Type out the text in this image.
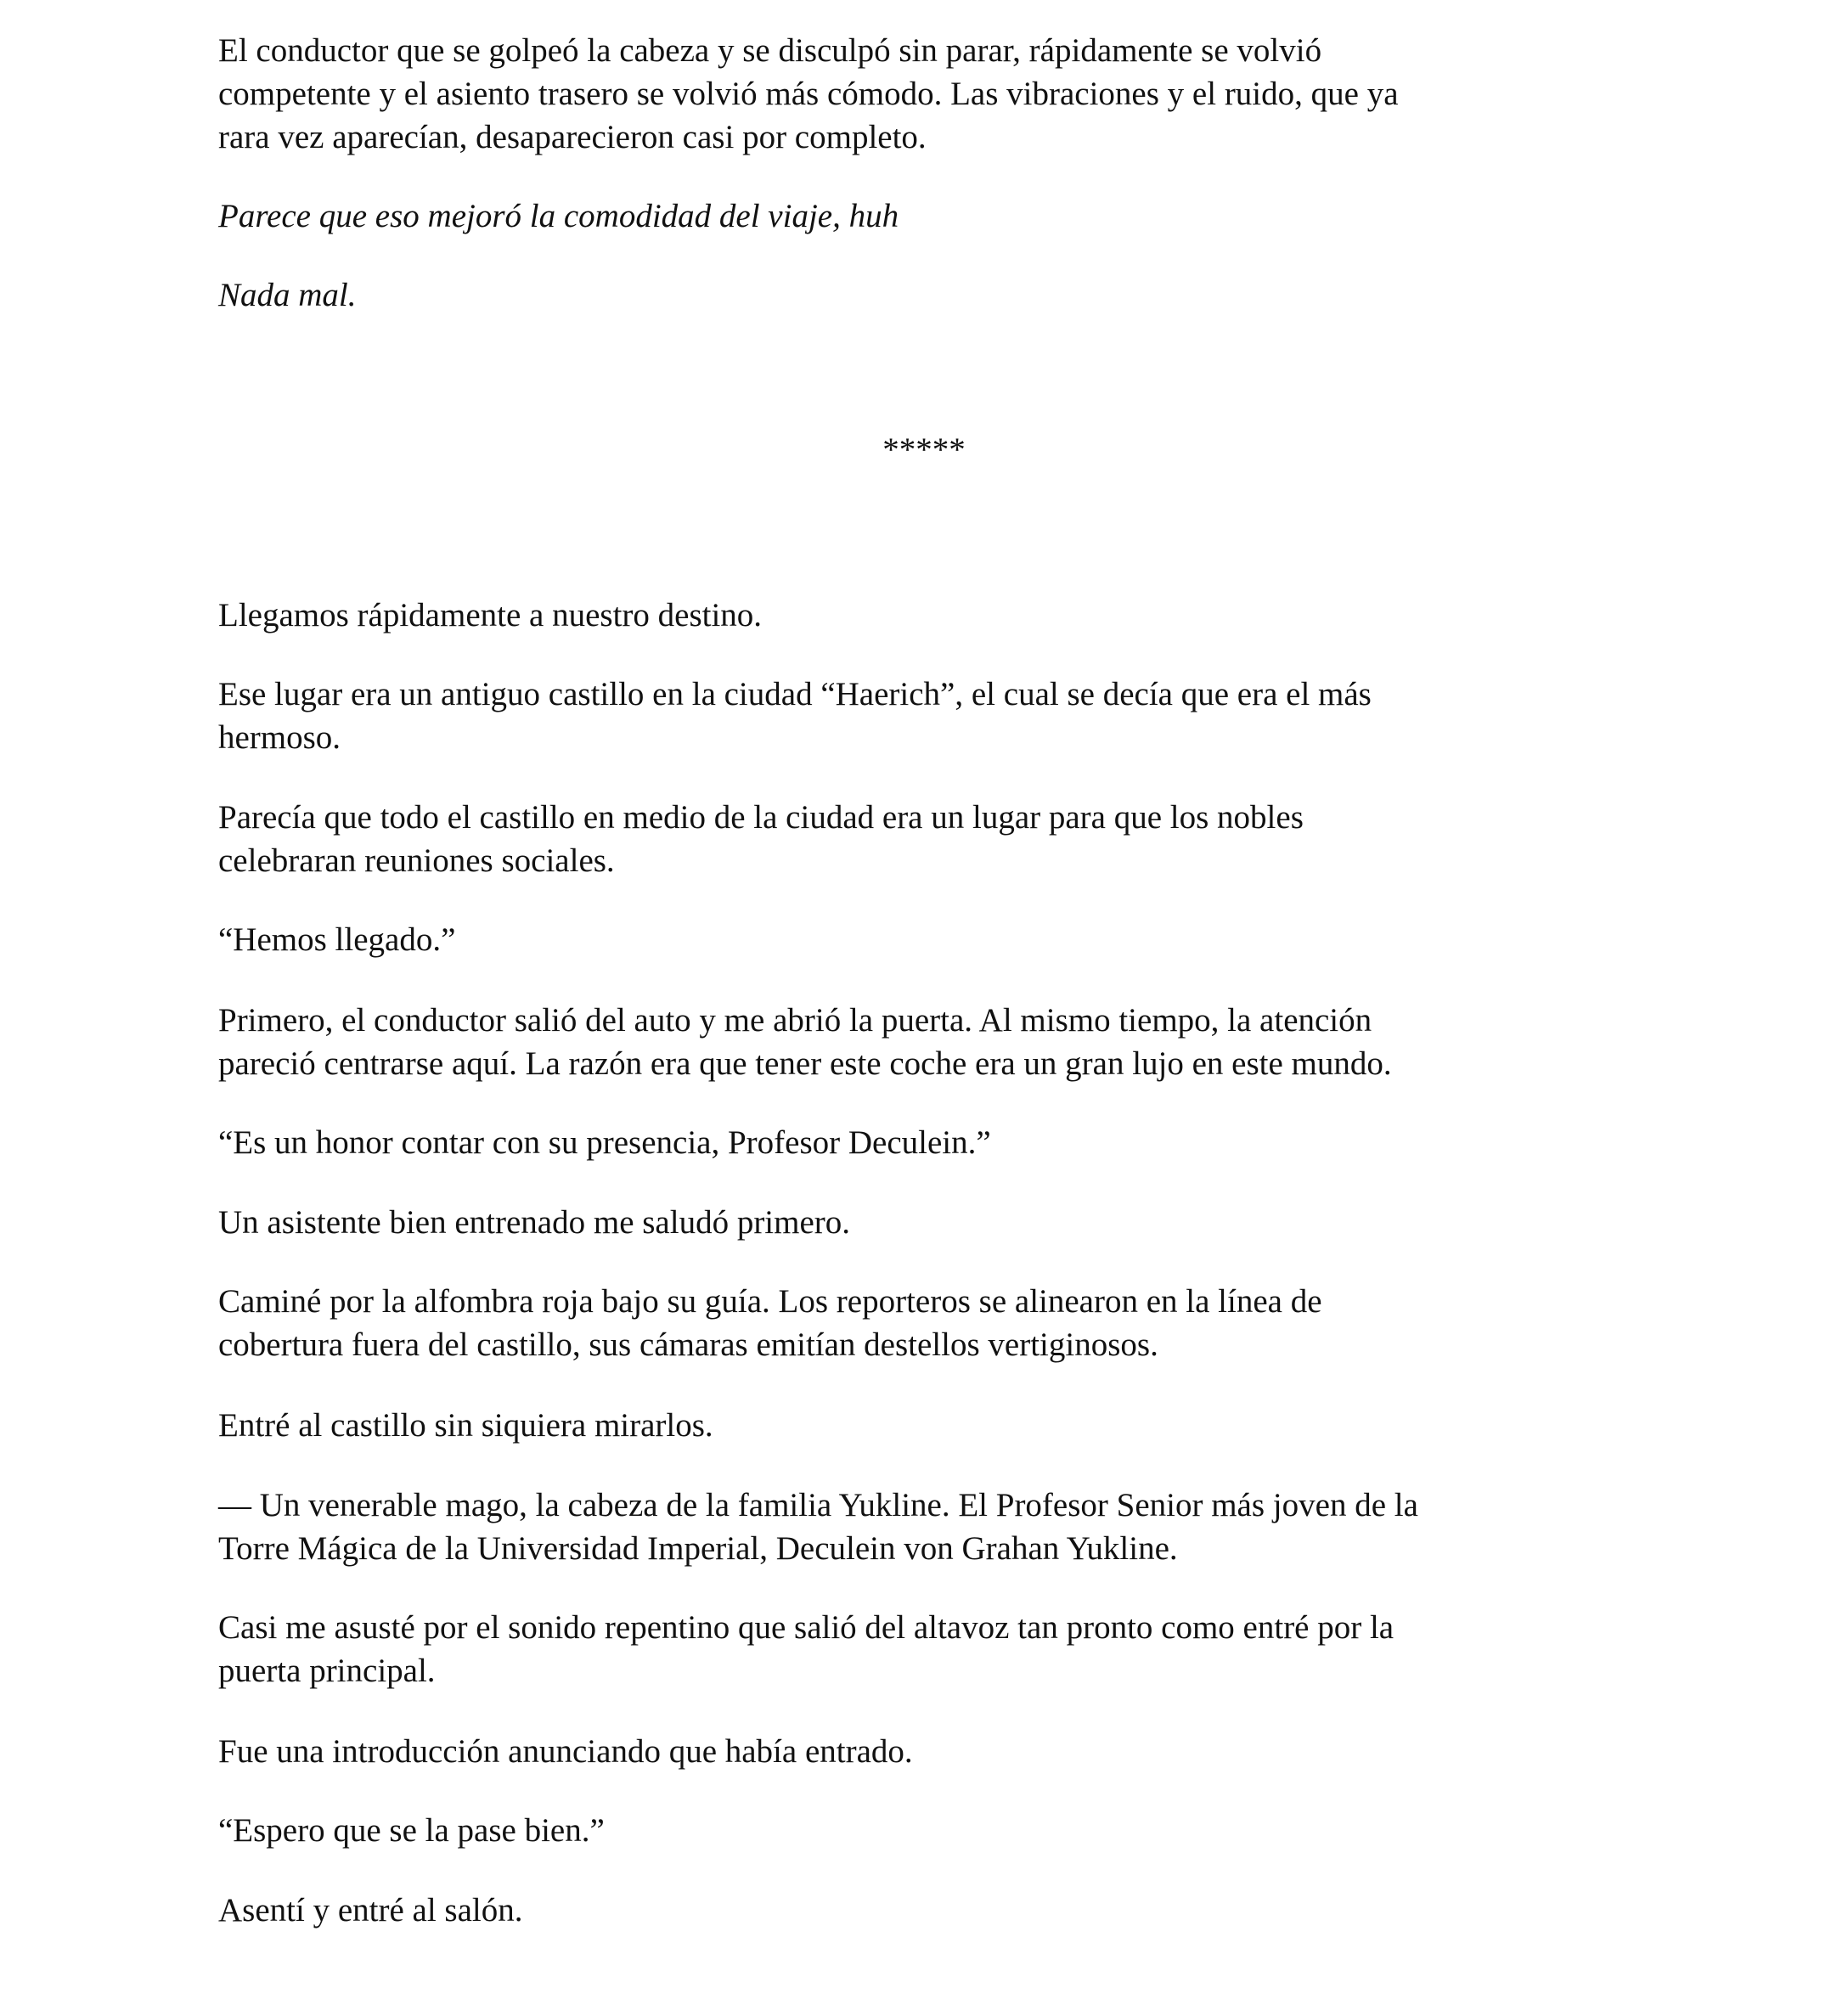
El conductor que se golpeó la cabeza y se disculpó sin parar, rápidamente se volvió
competente y el asiento trasero se volvió más cómodo. Las vibraciones y el ruido, que ya
rara vez aparecían, desaparecieron casi por completo.
Parece que eso mejoró la comodidad del viaje, huh
Nada mal.
*****
Llegamos rápidamente a nuestro destino.
Ese lugar era un antiguo castillo en la ciudad “Haerich”, el cual se decía que era el más
hermoso.
Parecía que todo el castillo en medio de la ciudad era un lugar para que los nobles
celebraran reuniones sociales.
“Hemos llegado.”
Primero, el conductor salió del auto y me abrió la puerta. Al mismo tiempo, la atención
pareció centrarse aquí. La razón era que tener este coche era un gran lujo en este mundo.
“Es un honor contar con su presencia, Profesor Deculein.”
Un asistente bien entrenado me saludó primero.
Caminé por la alfombra roja bajo su guía. Los reporteros se alinearon en la línea de
cobertura fuera del castillo, sus cámaras emitían destellos vertiginosos.
Entré al castillo sin siquiera mirarlos.
— Un venerable mago, la cabeza de la familia Yukline. El Profesor Senior más joven de la
Torre Mágica de la Universidad Imperial, Deculein von Grahan Yukline.
Casi me asusté por el sonido repentino que salió del altavoz tan pronto como entré por la
puerta principal.
Fue una introducción anunciando que había entrado.
“Espero que se la pase bien.”
Asentí y entré al salón.
